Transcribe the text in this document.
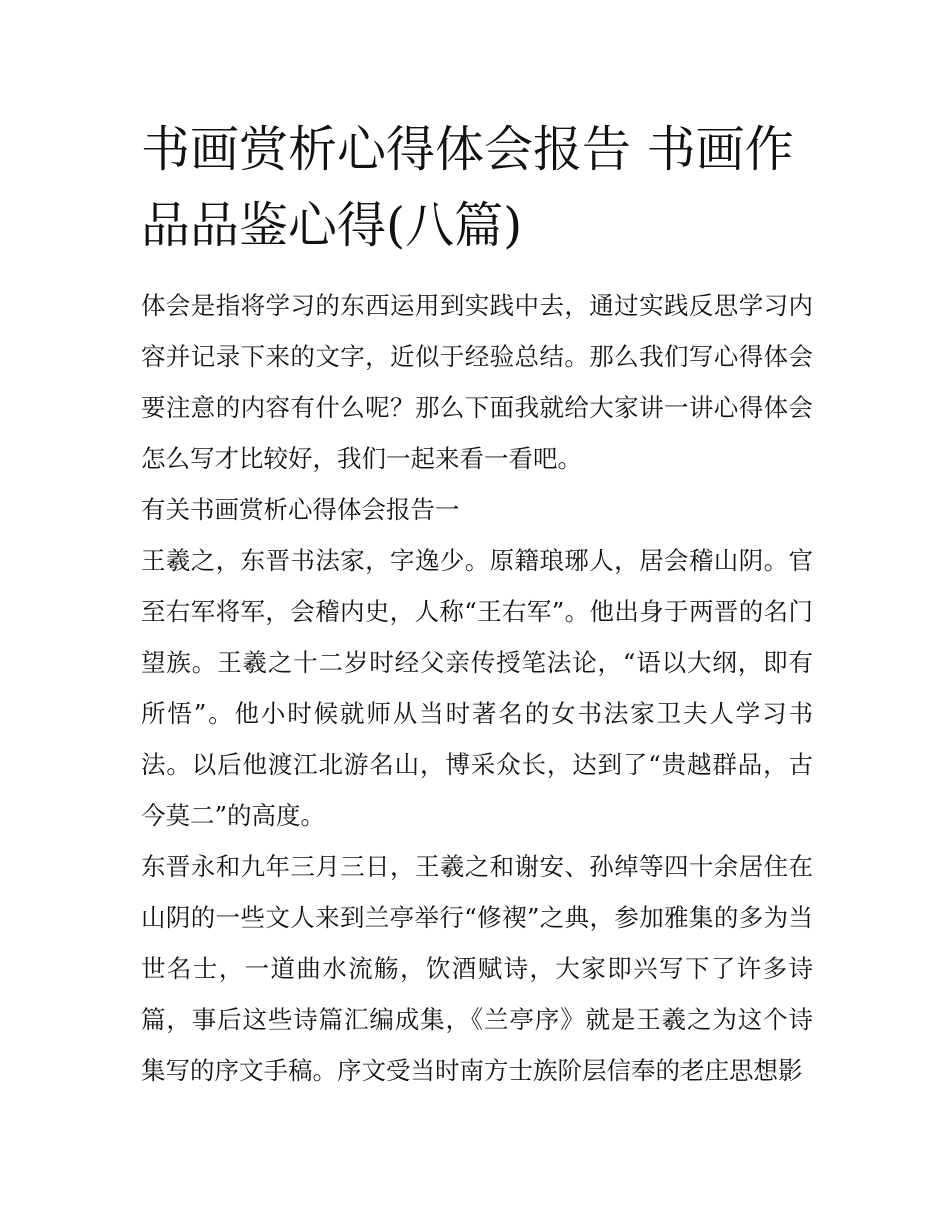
书画赏析心得体会报告 书画作品品鉴心得(八篇)

体会是指将学习的东西运用到实践中去，通过实践反思学习内容并记录下来的文字，近似于经验总结。那么我们写心得体会要注意的内容有什么呢？那么下面我就给大家讲一讲心得体会怎么写才比较好，我们一起来看一看吧。

有关书画赏析心得体会报告一

王羲之，东晋书法家，字逸少。原籍琅琊人，居会稽山阴。官至右军将军，会稽内史，人称“王右军”。他出身于两晋的名门望族。王羲之十二岁时经父亲传授笔法论，“语以大纲，即有所悟”。他小时候就师从当时著名的女书法家卫夫人学习书法。以后他渡江北游名山，博采众长，达到了“贵越群品，古今莫二”的高度。

东晋永和九年三月三日，王羲之和谢安、孙绰等四十余居住在山阴的一些文人来到兰亭举行“修禊”之典，参加雅集的多为当世名士，一道曲水流觞，饮酒赋诗，大家即兴写下了许多诗篇，事后这些诗篇汇编成集，《兰亭序》就是王羲之为这个诗集写的序文手稿。序文受当时南方士族阶层信奉的老庄思想影
